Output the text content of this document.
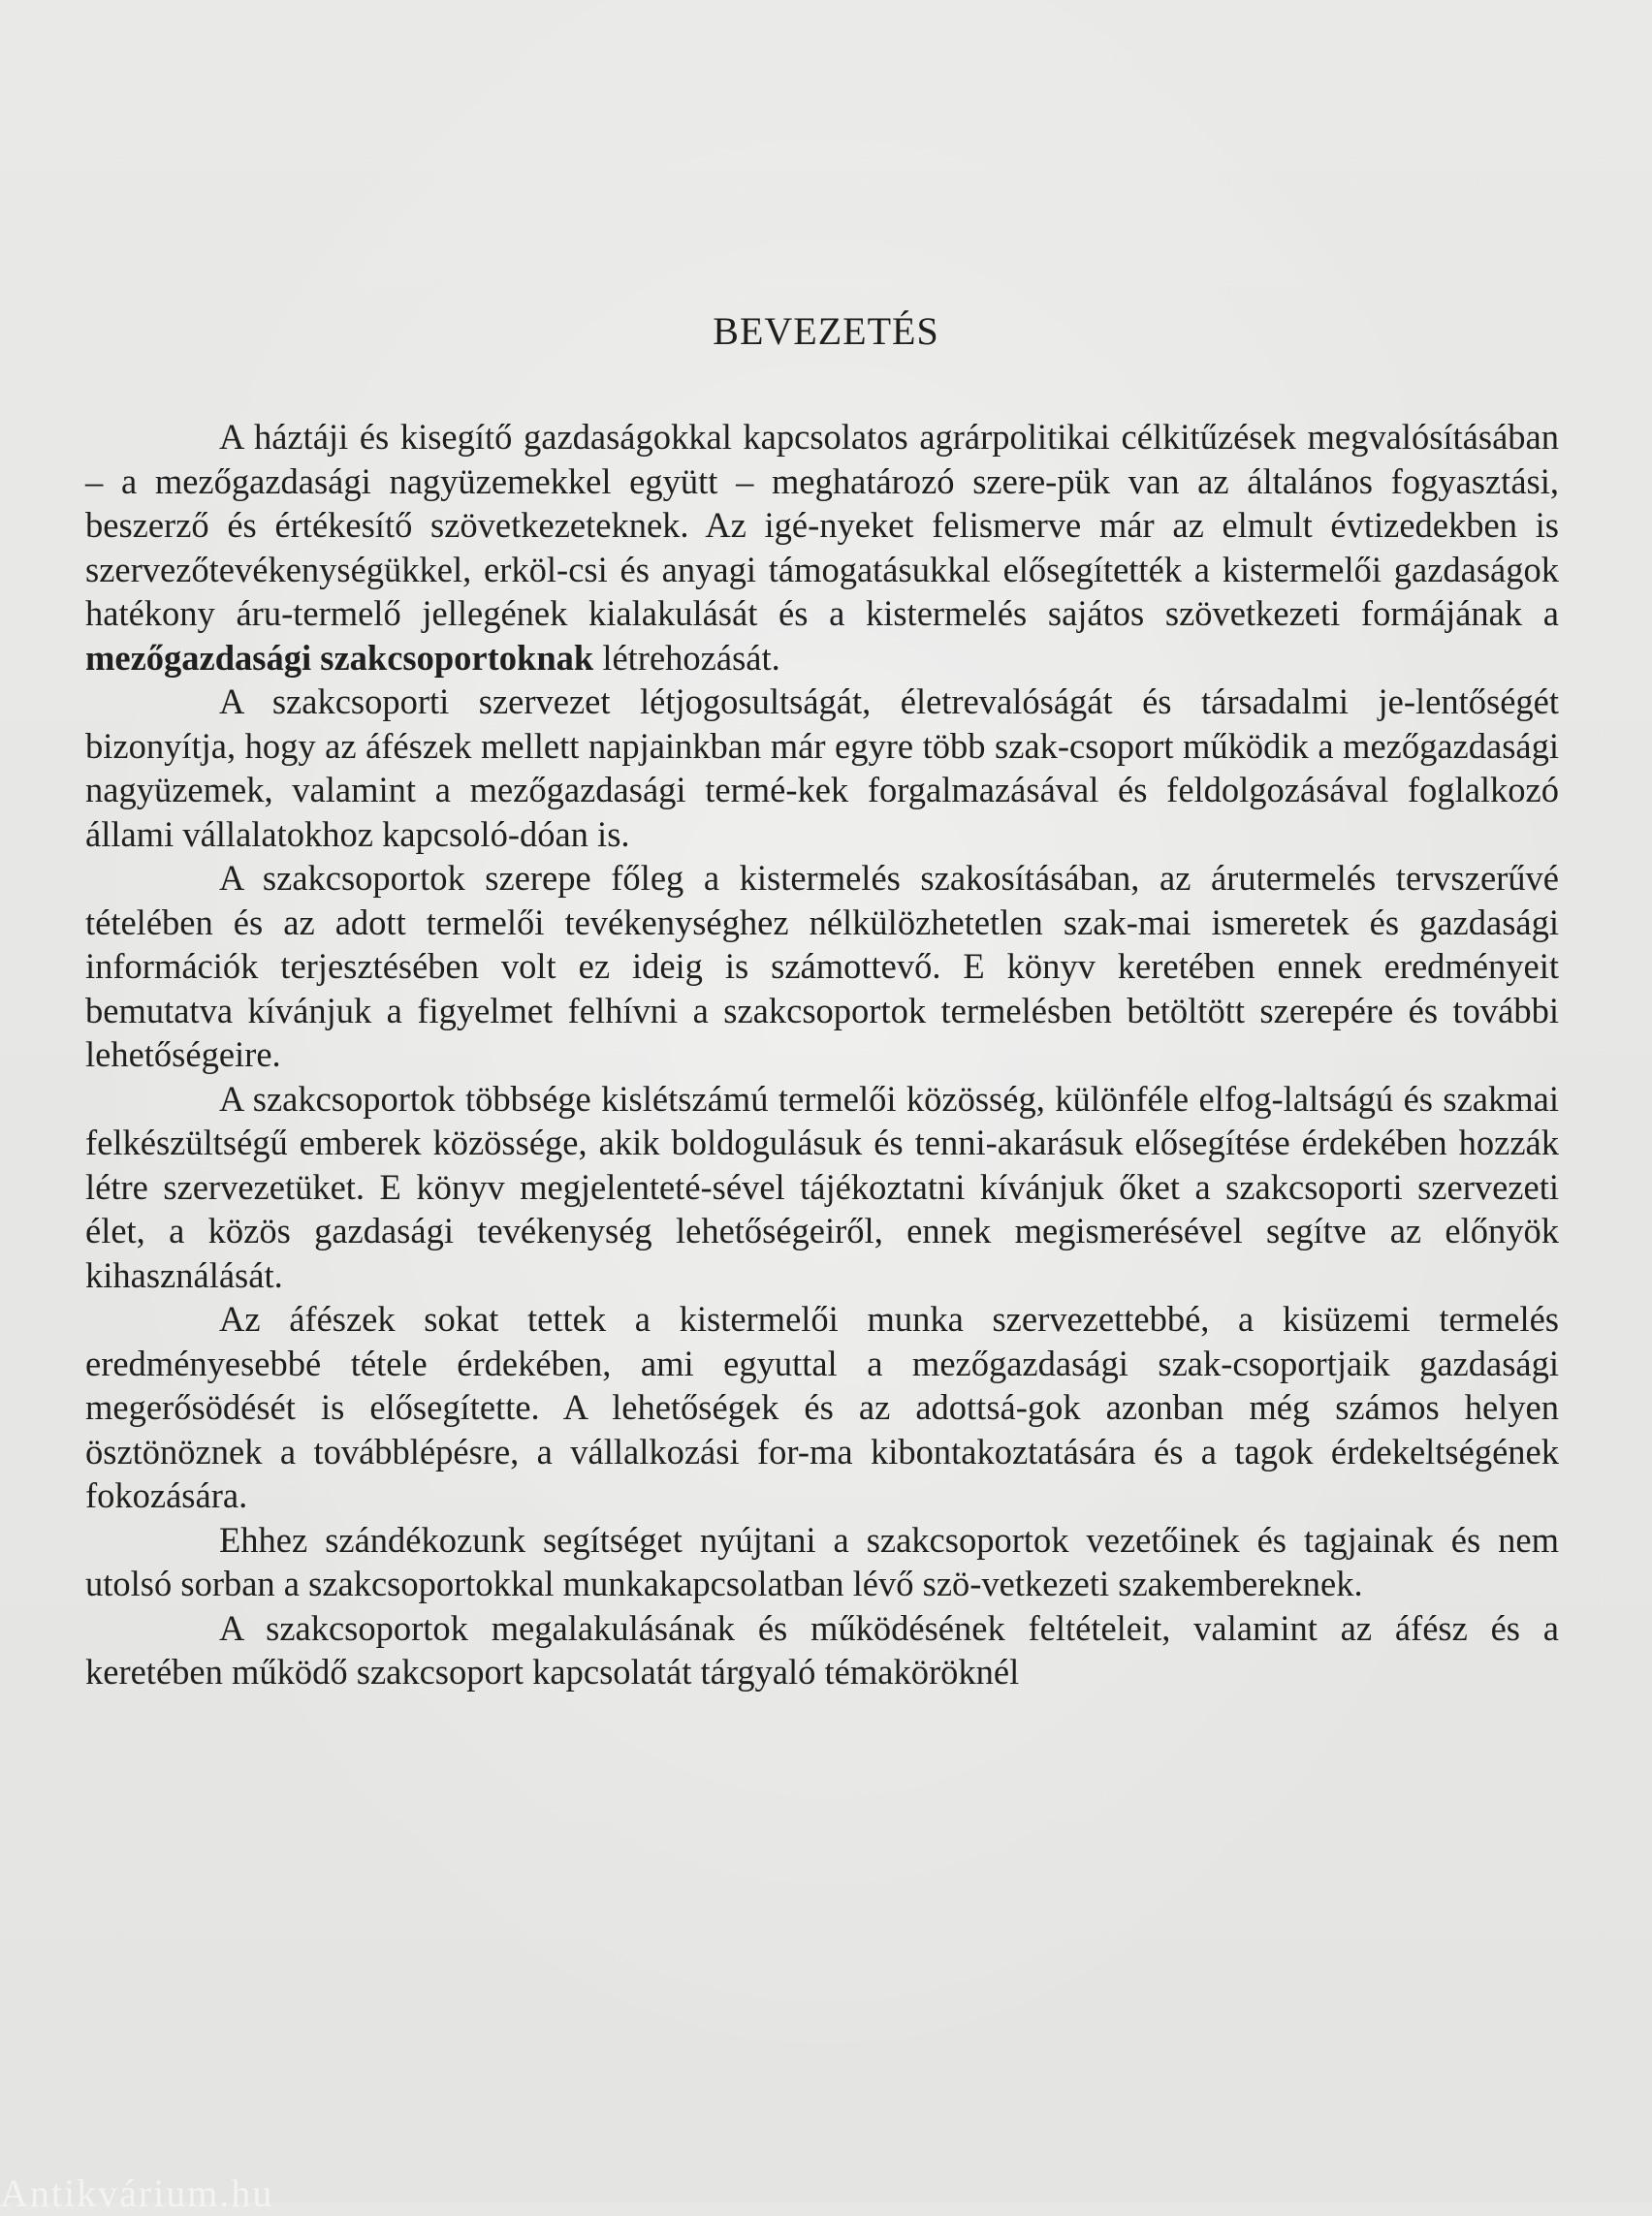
BEVEZETÉS

A háztáji és kisegítő gazdaságokkal kapcsolatos agrárpolitikai célkitűzések megvalósításában – a mezőgazdasági nagyüzemekkel együtt – meghatározó szere-pük van az általános fogyasztási, beszerző és értékesítő szövetkezeteknek. Az igé-nyeket felismerve már az elmult évtizedekben is szervezőtevékenységükkel, erköl-csi és anyagi támogatásukkal elősegítették a kistermelői gazdaságok hatékony áru-termelő jellegének kialakulását és a kistermelés sajátos szövetkezeti formájának a mezőgazdasági szakcsoportoknak létrehozását.

A szakcsoporti szervezet létjogosultságát, életrevalóságát és társadalmi je-lentőségét bizonyítja, hogy az áfészek mellett napjainkban már egyre több szak-csoport működik a mezőgazdasági nagyüzemek, valamint a mezőgazdasági termé-kek forgalmazásával és feldolgozásával foglalkozó állami vállalatokhoz kapcsoló-dóan is.

A szakcsoportok szerepe főleg a kistermelés szakosításában, az árutermelés tervszerűvé tételében és az adott termelői tevékenységhez nélkülözhetetlen szak-mai ismeretek és gazdasági információk terjesztésében volt ez ideig is számottevő. E könyv keretében ennek eredményeit bemutatva kívánjuk a figyelmet felhívni a szakcsoportok termelésben betöltött szerepére és további lehetőségeire.

A szakcsoportok többsége kislétszámú termelői közösség, különféle elfog-laltságú és szakmai felkészültségű emberek közössége, akik boldogulásuk és tenni-akarásuk elősegítése érdekében hozzák létre szervezetüket. E könyv megjelenteté-sével tájékoztatni kívánjuk őket a szakcsoporti szervezeti élet, a közös gazdasági tevékenység lehetőségeiről, ennek megismerésével segítve az előnyök kihasználását.

Az áfészek sokat tettek a kistermelői munka szervezettebbé, a kisüzemi termelés eredményesebbé tétele érdekében, ami egyuttal a mezőgazdasági szak-csoportjaik gazdasági megerősödését is elősegítette. A lehetőségek és az adottsá-gok azonban még számos helyen ösztönöznek a továbblépésre, a vállalkozási for-ma kibontakoztatására és a tagok érdekeltségének fokozására.

Ehhez szándékozunk segítséget nyújtani a szakcsoportok vezetőinek és tagjainak és nem utolsó sorban a szakcsoportokkal munkakapcsolatban lévő szö-vetkezeti szakembereknek.

A szakcsoportok megalakulásának és működésének feltételeit, valamint az áfész és a keretében működő szakcsoport kapcsolatát tárgyaló témaköröknél

Antikvárium.hu
